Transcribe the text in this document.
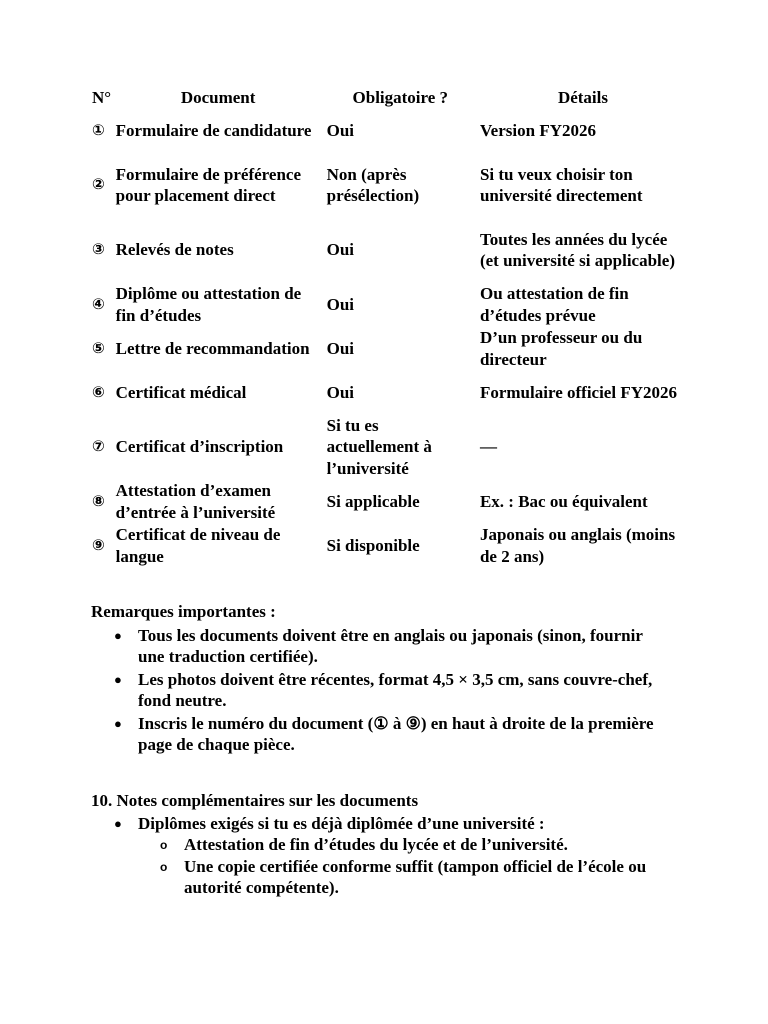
N°	Document	Obligatoire ?	Détails
①	Formulaire de candidature	Oui	Version FY2026
②	Formulaire de préférence pour placement direct	Non (après présélection)	Si tu veux choisir ton université directement
③	Relevés de notes	Oui	Toutes les années du lycée (et université si applicable)
④	Diplôme ou attestation de fin d’études	Oui	Ou attestation de fin d’études prévue
⑤	Lettre de recommandation	Oui	D’un professeur ou du directeur
⑥	Certificat médical	Oui	Formulaire officiel FY2026
⑦	Certificat d’inscription	Si tu es actuellement à l’université	—
⑧	Attestation d’examen d’entrée à l’université	Si applicable	Ex. : Bac ou équivalent
⑨	Certificat de niveau de langue	Si disponible	Japonais ou anglais (moins de 2 ans)

Remarques importantes :

● Tous les documents doivent être en anglais ou japonais (sinon, fournir une traduction certifiée).
● Les photos doivent être récentes, format 4,5 × 3,5 cm, sans couvre-chef, fond neutre.
● Inscris le numéro du document (① à ⑨) en haut à droite de la première page de chaque pièce.

10. Notes complémentaires sur les documents

● Diplômes exigés si tu es déjà diplômée d’une université :
o Attestation de fin d’études du lycée et de l’université.
o Une copie certifiée conforme suffit (tampon officiel de l’école ou autorité compétente).
